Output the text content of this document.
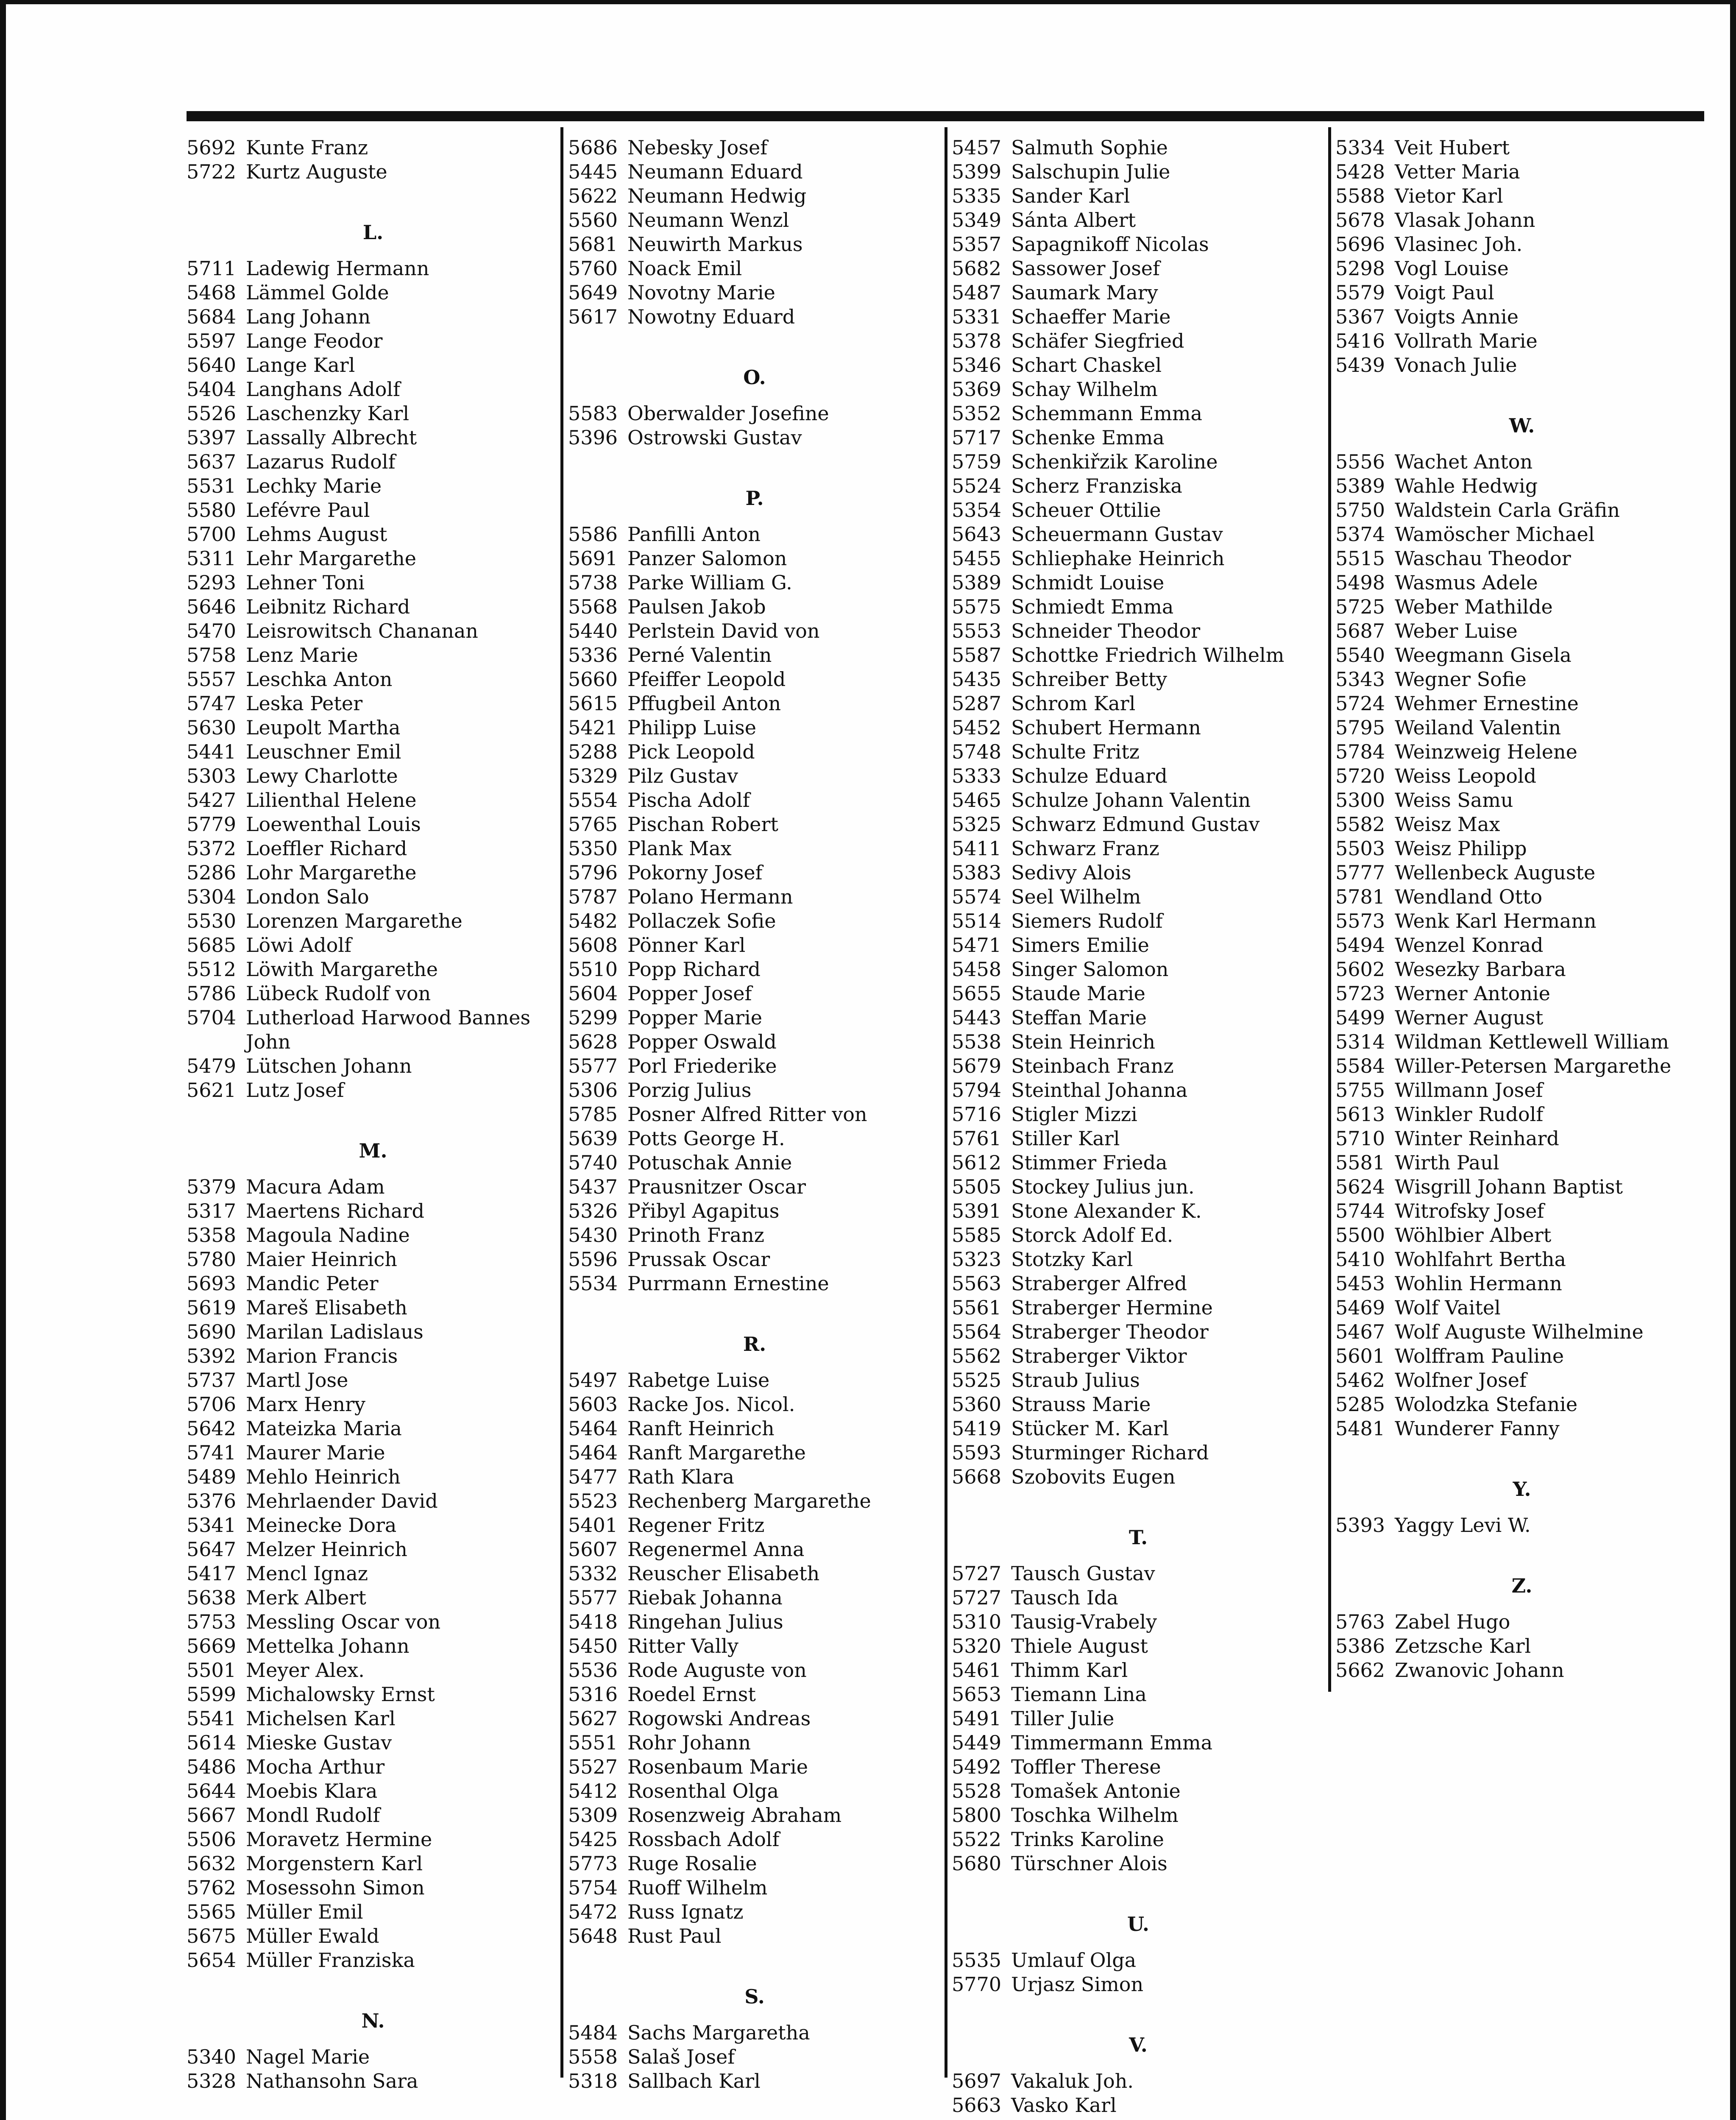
5692 Kunte Franz
5722 Kurtz Auguste
L.
5711 Ladewig Hermann
5468 Lämmel Golde
5684 Lang Johann
5597 Lange Feodor
5640 Lange Karl
5404 Langhans Adolf
5526 Laschenzky Karl
5397 Lassally Albrecht
5637 Lazarus Rudolf
5531 Lechky Marie
5580 Lefévre Paul
5700 Lehms August
5311 Lehr Margarethe
5293 Lehner Toni
5646 Leibnitz Richard
5470 Leisrowitsch Chananan
5758 Lenz Marie
5557 Leschka Anton
5747 Leska Peter
5630 Leupolt Martha
5441 Leuschner Emil
5303 Lewy Charlotte
5427 Lilienthal Helene
5779 Loewenthal Louis
5372 Loeffler Richard
5286 Lohr Margarethe
5304 London Salo
5530 Lorenzen Margarethe
5685 Löwi Adolf
5512 Löwith Margarethe
5786 Lübeck Rudolf von
5704 Lutherload Harwood Bannes John
5479 Lütschen Johann
5621 Lutz Josef
M.
5379 Macura Adam
5317 Maertens Richard
5358 Magoula Nadine
5780 Maier Heinrich
5693 Mandic Peter
5619 Mareš Elisabeth
5690 Marilan Ladislaus
5392 Marion Francis
5737 Martl Jose
5706 Marx Henry
5642 Mateizka Maria
5741 Maurer Marie
5489 Mehlo Heinrich
5376 Mehrlaender David
5341 Meinecke Dora
5647 Melzer Heinrich
5417 Mencl Ignaz
5638 Merk Albert
5753 Messling Oscar von
5669 Mettelka Johann
5501 Meyer Alex.
5599 Michalowsky Ernst
5541 Michelsen Karl
5614 Mieske Gustav
5486 Mocha Arthur
5644 Moebis Klara
5667 Mondl Rudolf
5506 Moravetz Hermine
5632 Morgenstern Karl
5762 Mosessohn Simon
5565 Müller Emil
5675 Müller Ewald
5654 Müller Franziska
N.
5340 Nagel Marie
5328 Nathansohn Sara
5686 Nebesky Josef
5445 Neumann Eduard
5622 Neumann Hedwig
5560 Neumann Wenzl
5681 Neuwirth Markus
5760 Noack Emil
5649 Novotny Marie
5617 Nowotny Eduard
O.
5583 Oberwalder Josefine
5396 Ostrowski Gustav
P.
5586 Panfilli Anton
5691 Panzer Salomon
5738 Parke William G.
5568 Paulsen Jakob
5440 Perlstein David von
5336 Perné Valentin
5660 Pfeiffer Leopold
5615 Pffugbeil Anton
5421 Philipp Luise
5288 Pick Leopold
5329 Pilz Gustav
5554 Pischa Adolf
5765 Pischan Robert
5350 Plank Max
5796 Pokorny Josef
5787 Polano Hermann
5482 Pollaczek Sofie
5608 Pönner Karl
5510 Popp Richard
5604 Popper Josef
5299 Popper Marie
5628 Popper Oswald
5577 Porl Friederike
5306 Porzig Julius
5785 Posner Alfred Ritter von
5639 Potts George H.
5740 Potuschak Annie
5437 Prausnitzer Oscar
5326 Přibyl Agapitus
5430 Prinoth Franz
5596 Prussak Oscar
5534 Purrmann Ernestine
R.
5497 Rabetge Luise
5603 Racke Jos. Nicol.
5464 Ranft Heinrich
5464 Ranft Margarethe
5477 Rath Klara
5523 Rechenberg Margarethe
5401 Regener Fritz
5607 Regenermel Anna
5332 Reuscher Elisabeth
5577 Riebak Johanna
5418 Ringehan Julius
5450 Ritter Vally
5536 Rode Auguste von
5316 Roedel Ernst
5627 Rogowski Andreas
5551 Rohr Johann
5527 Rosenbaum Marie
5412 Rosenthal Olga
5309 Rosenzweig Abraham
5425 Rossbach Adolf
5773 Ruge Rosalie
5754 Ruoff Wilhelm
5472 Russ Ignatz
5648 Rust Paul
S.
5484 Sachs Margaretha
5558 Salaš Josef
5318 Sallbach Karl
5457 Salmuth Sophie
5399 Salschupin Julie
5335 Sander Karl
5349 Sánta Albert
5357 Sapagnikoff Nicolas
5682 Sassower Josef
5487 Saumark Mary
5331 Schaeffer Marie
5378 Schäfer Siegfried
5346 Schart Chaskel
5369 Schay Wilhelm
5352 Schemmann Emma
5717 Schenke Emma
5759 Schenkiřzik Karoline
5524 Scherz Franziska
5354 Scheuer Ottilie
5643 Scheuermann Gustav
5455 Schliephake Heinrich
5389 Schmidt Louise
5575 Schmiedt Emma
5553 Schneider Theodor
5587 Schottke Friedrich Wilhelm
5435 Schreiber Betty
5287 Schrom Karl
5452 Schubert Hermann
5748 Schulte Fritz
5333 Schulze Eduard
5465 Schulze Johann Valentin
5325 Schwarz Edmund Gustav
5411 Schwarz Franz
5383 Sedivy Alois
5574 Seel Wilhelm
5514 Siemers Rudolf
5471 Simers Emilie
5458 Singer Salomon
5655 Staude Marie
5443 Steffan Marie
5538 Stein Heinrich
5679 Steinbach Franz
5794 Steinthal Johanna
5716 Stigler Mizzi
5761 Stiller Karl
5612 Stimmer Frieda
5505 Stockey Julius jun.
5391 Stone Alexander K.
5585 Storck Adolf Ed.
5323 Stotzky Karl
5563 Straberger Alfred
5561 Straberger Hermine
5564 Straberger Theodor
5562 Straberger Viktor
5525 Straub Julius
5360 Strauss Marie
5419 Stücker M. Karl
5593 Sturminger Richard
5668 Szobovits Eugen
T.
5727 Tausch Gustav
5727 Tausch Ida
5310 Tausig-Vrabely
5320 Thiele August
5461 Thimm Karl
5653 Tiemann Lina
5491 Tiller Julie
5449 Timmermann Emma
5492 Toffler Therese
5528 Tomašek Antonie
5800 Toschka Wilhelm
5522 Trinks Karoline
5680 Türschner Alois
U.
5535 Umlauf Olga
5770 Urjasz Simon
V.
5697 Vakaluk Joh.
5663 Vasko Karl
5334 Veit Hubert
5428 Vetter Maria
5588 Vietor Karl
5678 Vlasak Johann
5696 Vlasinec Joh.
5298 Vogl Louise
5579 Voigt Paul
5367 Voigts Annie
5416 Vollrath Marie
5439 Vonach Julie
W.
5556 Wachet Anton
5389 Wahle Hedwig
5750 Waldstein Carla Gräfin
5374 Wamöscher Michael
5515 Waschau Theodor
5498 Wasmus Adele
5725 Weber Mathilde
5687 Weber Luise
5540 Weegmann Gisela
5343 Wegner Sofie
5724 Wehmer Ernestine
5795 Weiland Valentin
5784 Weinzweig Helene
5720 Weiss Leopold
5300 Weiss Samu
5582 Weisz Max
5503 Weisz Philipp
5777 Wellenbeck Auguste
5781 Wendland Otto
5573 Wenk Karl Hermann
5494 Wenzel Konrad
5602 Wesezky Barbara
5723 Werner Antonie
5499 Werner August
5314 Wildman Kettlewell William
5584 Willer-Petersen Margarethe
5755 Willmann Josef
5613 Winkler Rudolf
5710 Winter Reinhard
5581 Wirth Paul
5624 Wisgrill Johann Baptist
5744 Witrofsky Josef
5500 Wöhlbier Albert
5410 Wohlfahrt Bertha
5453 Wohlin Hermann
5469 Wolf Vaitel
5467 Wolf Auguste Wilhelmine
5601 Wolffram Pauline
5462 Wolfner Josef
5285 Wolodzka Stefanie
5481 Wunderer Fanny
Y.
5393 Yaggy Levi W.
Z.
5763 Zabel Hugo
5386 Zetzsche Karl
5662 Zwanovic Johann
